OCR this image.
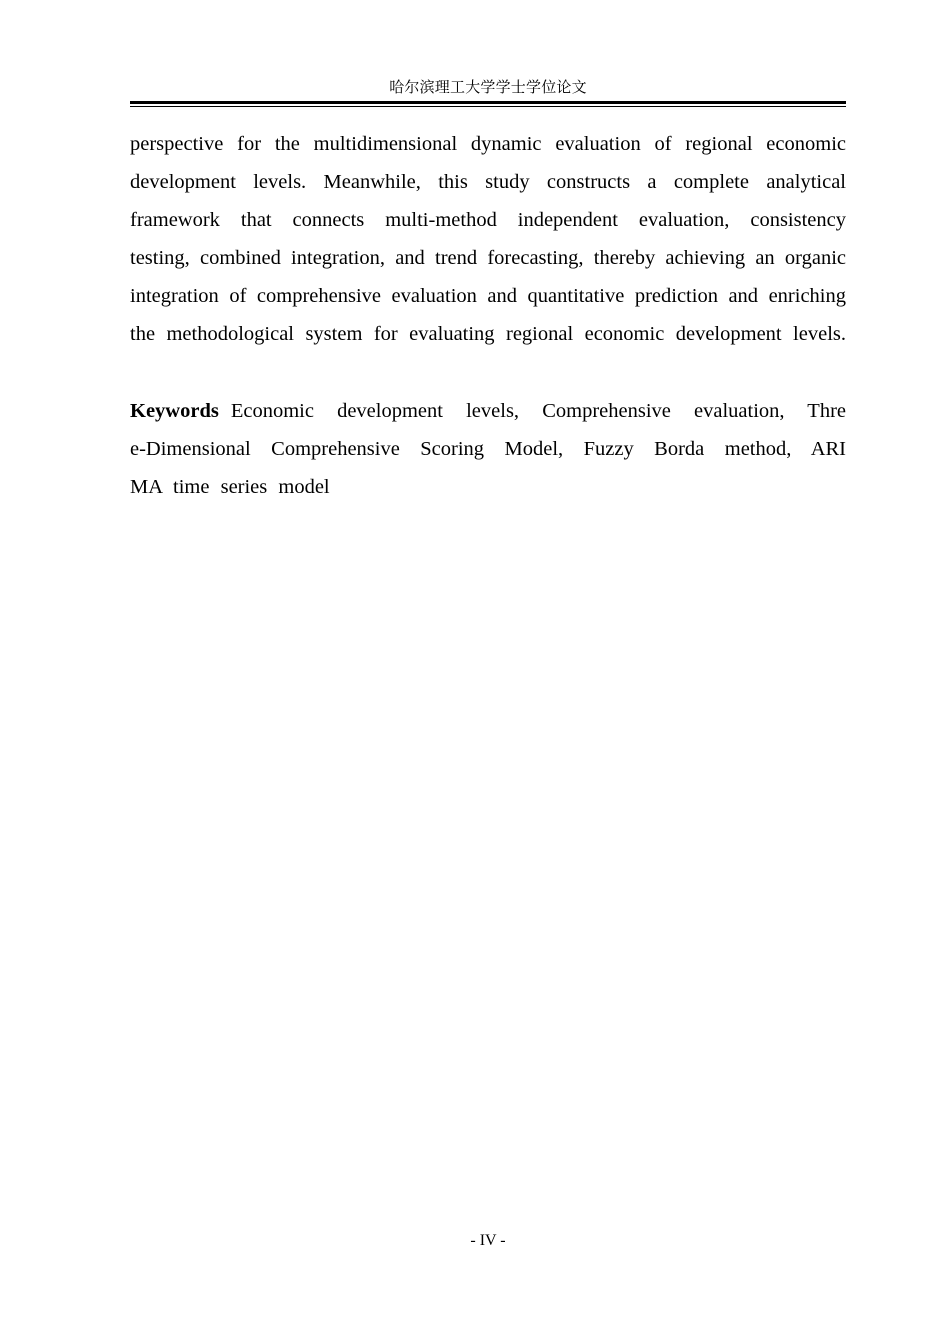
哈尔滨理工大学学士学位论文
perspective for the multidimensional dynamic evaluation of regional economic
development levels. Meanwhile, this study constructs a complete analytical
framework that connects multi-method independent evaluation, consistency
testing, combined integration, and trend forecasting, thereby achieving an organic
integration of comprehensive evaluation and quantitative prediction and enriching
the methodological system for evaluating regional economic development levels.
Keywords Economic development levels, Comprehensive evaluation, Thre
e-Dimensional Comprehensive Scoring Model, Fuzzy Borda method, ARI
MA time series model
- IV -
